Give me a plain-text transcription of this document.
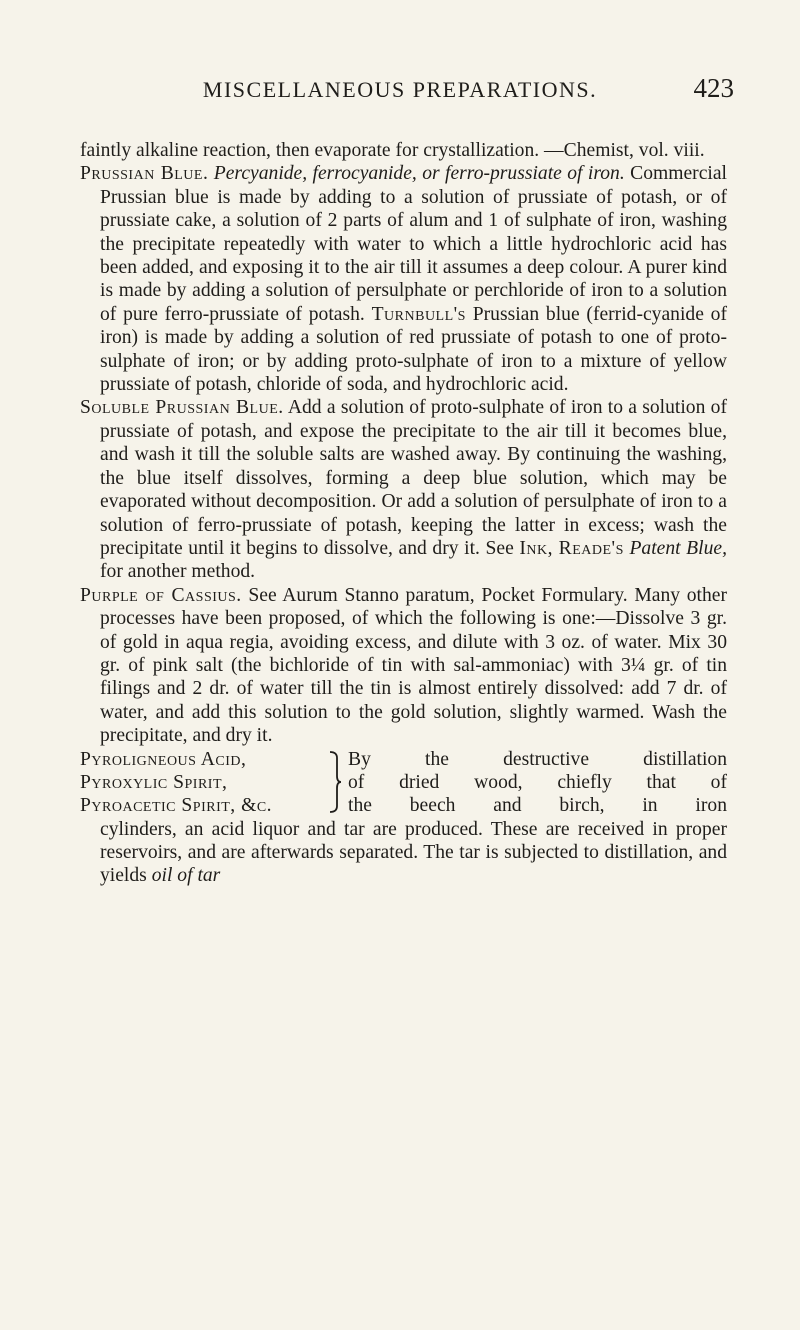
MISCELLANEOUS PREPARATIONS.	423

faintly alkaline reaction, then evaporate for crystallization. —Chemist, vol. viii.

Prussian Blue. Percyanide, ferrocyanide, or ferro-prussiate of iron. Commercial Prussian blue is made by adding to a solution of prussiate of potash, or of prussiate cake, a solution of 2 parts of alum and 1 of sulphate of iron, washing the precipitate repeatedly with water to which a little hydrochloric acid has been added, and exposing it to the air till it assumes a deep colour. A purer kind is made by adding a solution of persulphate or perchloride of iron to a solution of pure ferro-prussiate of potash. Turnbull's Prussian blue (ferrid-cyanide of iron) is made by adding a solution of red prussiate of potash to one of proto-sulphate of iron; or by adding proto-sulphate of iron to a mixture of yellow prussiate of potash, chloride of soda, and hydrochloric acid.

Soluble Prussian Blue. Add a solution of proto-sulphate of iron to a solution of prussiate of potash, and expose the precipitate to the air till it becomes blue, and wash it till the soluble salts are washed away. By continuing the washing, the blue itself dissolves, forming a deep blue solution, which may be evaporated without decomposition. Or add a solution of persulphate of iron to a solution of ferro-prussiate of potash, keeping the latter in excess; wash the precipitate until it begins to dissolve, and dry it. See Ink, Reade's Patent Blue, for another method.

Purple of Cassius. See Aurum Stanno paratum, Pocket Formulary. Many other processes have been proposed, of which the following is one:—Dissolve 3 gr. of gold in aqua regia, avoiding excess, and dilute with 3 oz. of water. Mix 30 gr. of pink salt (the bichloride of tin with sal-ammoniac) with 3¼ gr. of tin filings and 2 dr. of water till the tin is almost entirely dissolved: add 7 dr. of water, and add this solution to the gold solution, slightly warmed. Wash the precipitate, and dry it.

Pyroligneous Acid,
Pyroxylic Spirit,
Pyroacetic Spirit, &c.
By the destructive distillation
of dried wood, chiefly that of
the beech and birch, in iron

cylinders, an acid liquor and tar are produced. These are received in proper reservoirs, and are afterwards separated. The tar is subjected to distillation, and yields oil of tar
